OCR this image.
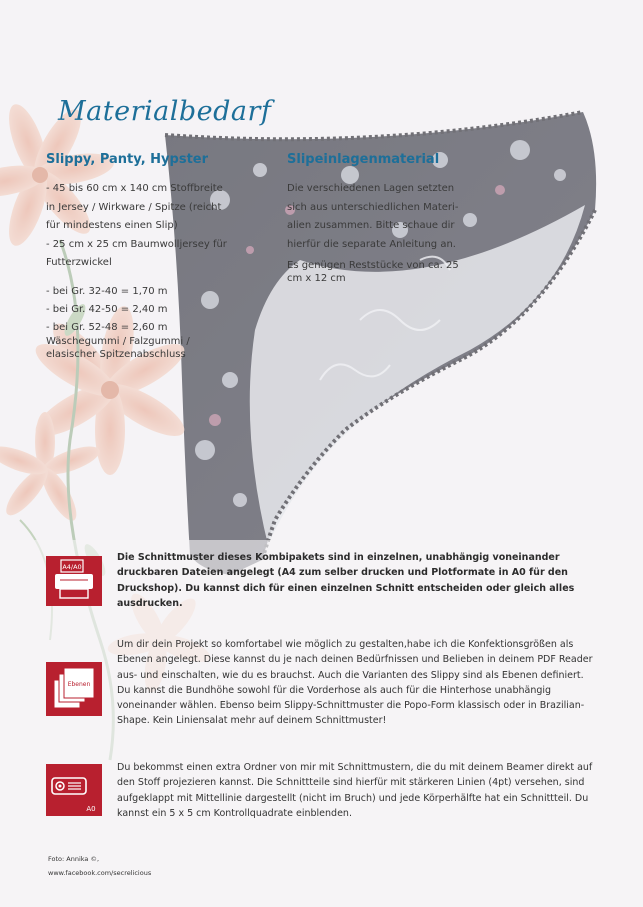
Materialbedarf
Slippy, Panty, Hypster

- 45 bis 60 cm x 140 cm Stoffbreite

in Jersey / Wirkware / Spitze (reicht

für mindestens einen Slip)

- 25 cm x 25 cm Baumwolljersey für

Futterzwickel

- bei Gr. 32-40 = 1,70 m

- bei Gr. 42-50 = 2,40 m

- bei Gr. 52-48 = 2,60 m

Wäschegummi / Falzgummi /

elasischer Spitzenabschluss

Slipeinlagenmaterial

Die verschiedenen Lagen setzten

sich aus unterschiedlichen Materi-

alien zusammen. Bitte schaue dir

hierfür die separate Anleitung an.

Es genügen Reststücke von ca. 25

cm x 12 cm

A4/A0
Die Schnittmuster dieses Kombipakets sind in einzelnen, unabhängig voneinander druckbaren Dateien angelegt (A4 zum selber drucken und Plotformate in A0 für den Druckshop). Du kannst dich für einen einzelnen Schnitt entscheiden oder gleich alles ausdrucken.
Ebenen
Um dir dein Projekt so komfortabel wie möglich zu gestalten,habe ich die Konfektionsgrößen als Ebenen angelegt. Diese kannst du je nach deinen Bedürfnissen und Belieben in deinem PDF Reader aus- und einschalten, wie du es brauchst. Auch die Varianten des Slippy sind als Ebenen definiert. Du kannst die Bundhöhe sowohl für die Vorderhose als auch für die Hinterhose unabhängig voneinander wählen. Ebenso beim Slippy-Schnittmuster die Popo-Form klassisch oder in Brazilian-Shape. Kein Liniensalat mehr auf deinem Schnittmuster!
A0
Du bekommst einen extra Ordner von mir mit Schnittmustern, die du mit deinem Beamer direkt auf den Stoff projezieren kannst. Die Schnittteile sind hierfür mit stärkeren Linien (4pt) versehen, sind aufgeklappt mit Mittellinie dargestellt (nicht im Bruch) und jede Körperhälfte hat ein Schnittteil. Du kannst ein 5 x 5 cm Kontrollquadrate einblenden.
Foto: Annika ©,
www.facebook.com/secrelicious
